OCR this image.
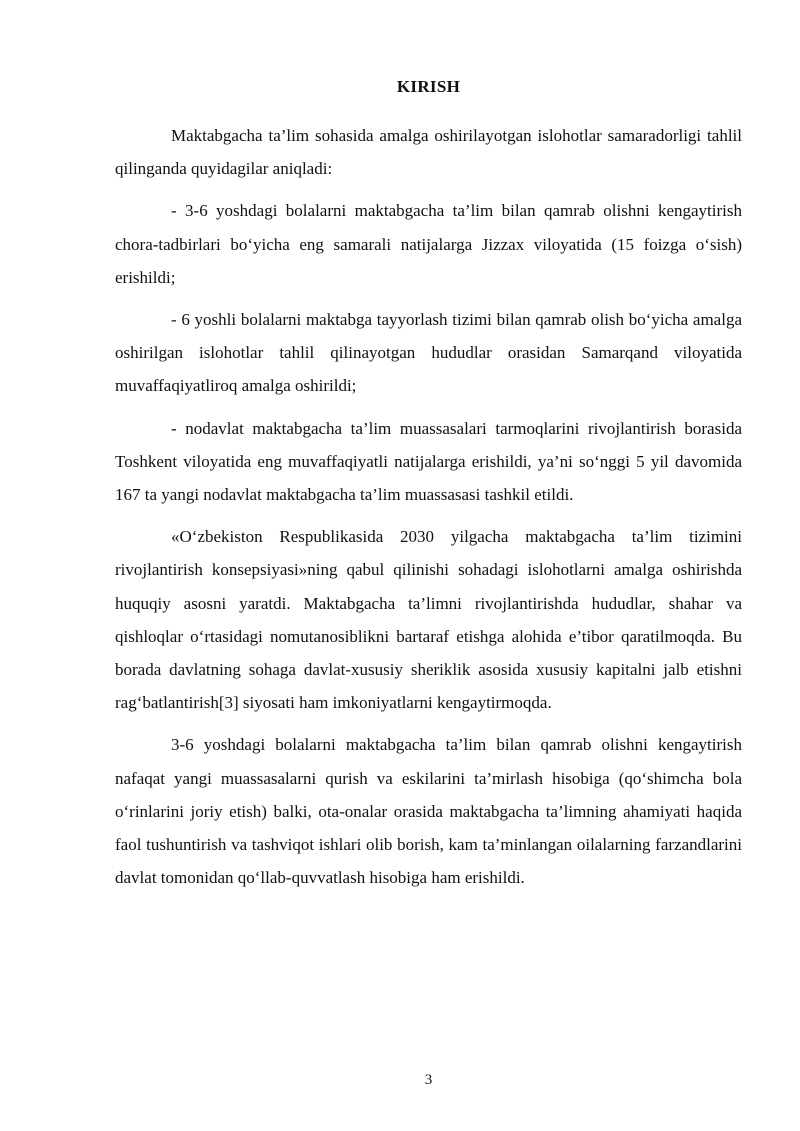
KIRISH

Maktabgacha ta’lim sohasida amalga oshirilayotgan islohotlar samaradorligi tahlil qilinganda quyidagilar aniqladi:

- 3-6 yoshdagi bolalarni maktabgacha ta’lim bilan qamrab olishni kengaytirish chora-tadbirlari bo‘yicha eng samarali natijalarga Jizzax viloyatida (15 foizga o‘sish) erishildi;

- 6 yoshli bolalarni maktabga tayyorlash tizimi bilan qamrab olish bo‘yicha amalga oshirilgan islohotlar tahlil qilinayotgan hududlar orasidan Samarqand viloyatida muvaffaqiyatliroq amalga oshirildi;

- nodavlat maktabgacha ta’lim muassasalari tarmoqlarini rivojlantirish borasida Toshkent viloyatida eng muvaffaqiyatli natijalarga erishildi, ya’ni so‘nggi 5 yil davomida 167 ta yangi nodavlat maktabgacha ta’lim muassasasi tashkil etildi.

«O‘zbekiston Respublikasida 2030 yilgacha maktabgacha ta’lim tizimini rivojlantirish konsepsiyasi»ning qabul qilinishi sohadagi islohotlarni amalga oshirishda huquqiy asosni yaratdi. Maktabgacha ta’limni rivojlantirishda hududlar, shahar va qishloqlar o‘rtasidagi nomutanosiblikni bartaraf etishga alohida e’tibor qaratilmoqda. Bu borada davlatning sohaga davlat-xususiy sheriklik asosida xususiy kapitalni jalb etishni rag‘batlantirish[3] siyosati ham imkoniyatlarni kengaytirmoqda.

3-6 yoshdagi bolalarni maktabgacha ta’lim bilan qamrab olishni kengaytirish nafaqat yangi muassasalarni qurish va eskilarini ta’mirlash hisobiga (qo‘shimcha bola o‘rinlarini joriy etish) balki, ota-onalar orasida maktabgacha ta’limning ahamiyati haqida faol tushuntirish va tashviqot ishlari olib borish, kam ta’minlangan oilalarning farzandlarini davlat tomonidan qo‘llab-quvvatlash hisobiga ham erishildi.

3
